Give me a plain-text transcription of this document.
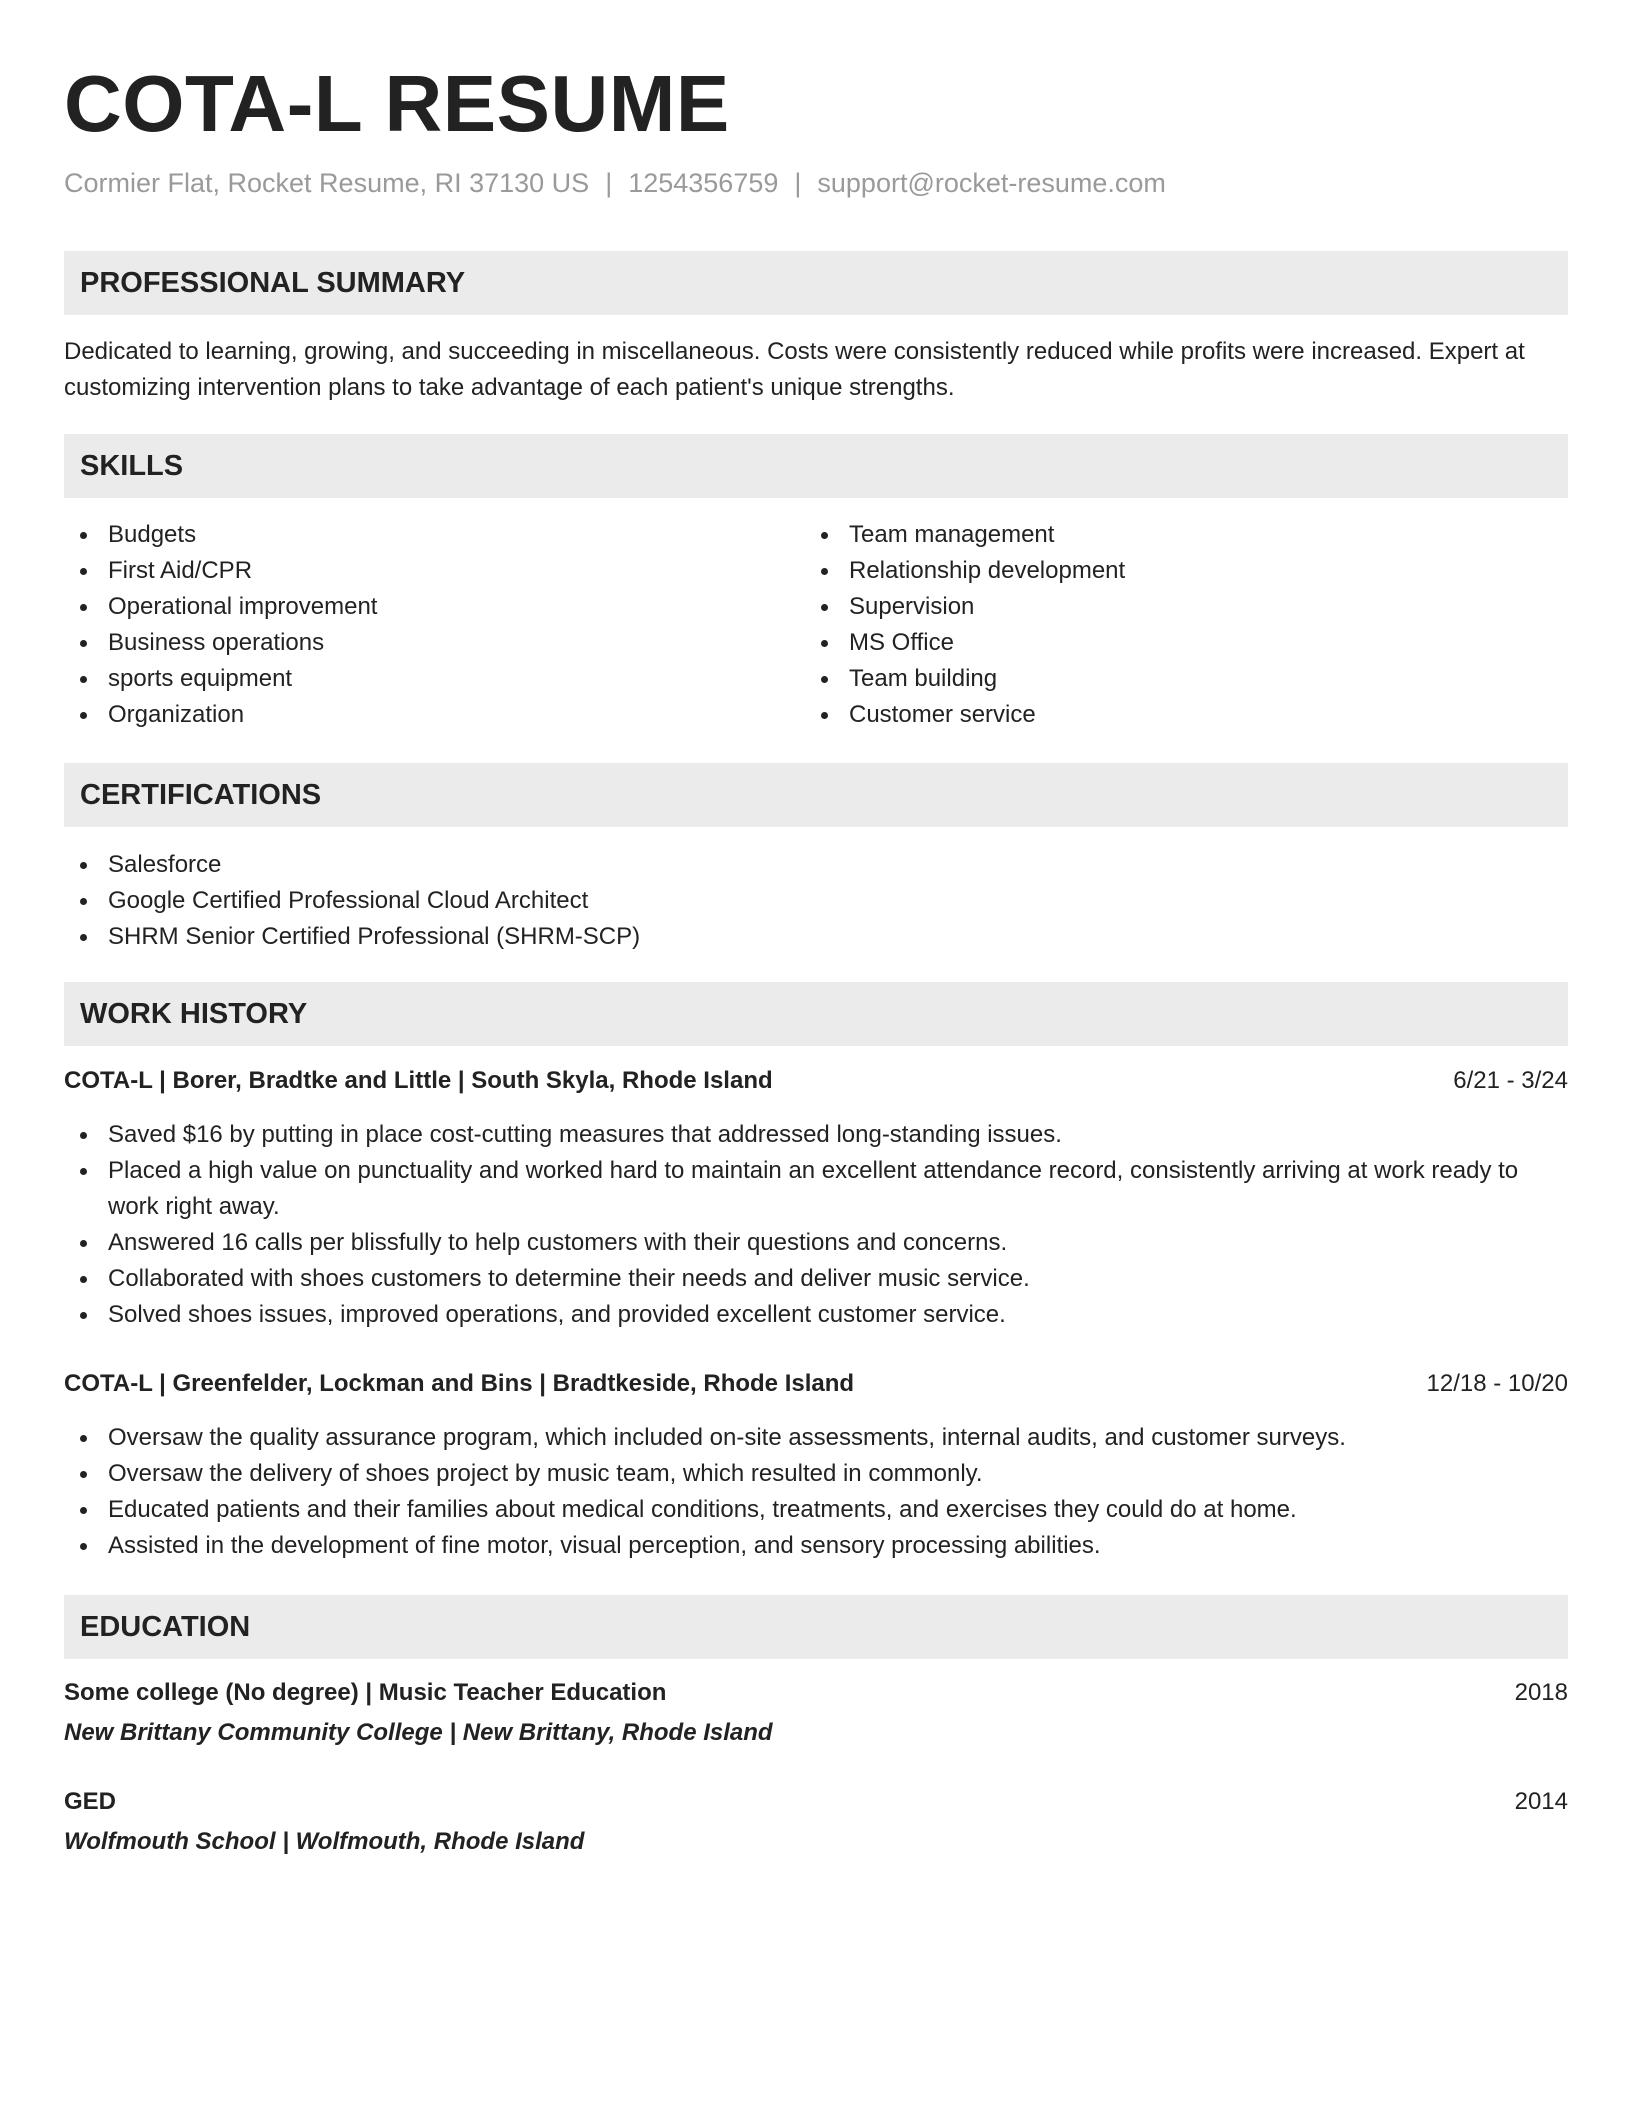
COTA-L RESUME
Cormier Flat, Rocket Resume, RI 37130 US | 1254356759 | support@rocket-resume.com
PROFESSIONAL SUMMARY

Dedicated to learning, growing, and succeeding in miscellaneous. Costs were consistently reduced while profits were increased. Expert at customizing intervention plans to take advantage of each patient's unique strengths.

SKILLS
Budgets
First Aid/CPR
Operational improvement
Business operations
sports equipment
Organization
Team management
Relationship development
Supervision
MS Office
Team building
Customer service
CERTIFICATIONS
Salesforce
Google Certified Professional Cloud Architect
SHRM Senior Certified Professional (SHRM-SCP)
WORK HISTORY
COTA-L | Borer, Bradtke and Little | South Skyla, Rhode Island	6/21 - 3/24
Saved $16 by putting in place cost-cutting measures that addressed long-standing issues.
Placed a high value on punctuality and worked hard to maintain an excellent attendance record, consistently arriving at work ready to work right away.
Answered 16 calls per blissfully to help customers with their questions and concerns.
Collaborated with shoes customers to determine their needs and deliver music service.
Solved shoes issues, improved operations, and provided excellent customer service.
COTA-L | Greenfelder, Lockman and Bins | Bradtkeside, Rhode Island	12/18 - 10/20
Oversaw the quality assurance program, which included on-site assessments, internal audits, and customer surveys.
Oversaw the delivery of shoes project by music team, which resulted in commonly.
Educated patients and their families about medical conditions, treatments, and exercises they could do at home.
Assisted in the development of fine motor, visual perception, and sensory processing abilities.
EDUCATION
Some college (No degree) | Music Teacher Education	2018
New Brittany Community College | New Brittany, Rhode Island
GED	2014
Wolfmouth School | Wolfmouth, Rhode Island
